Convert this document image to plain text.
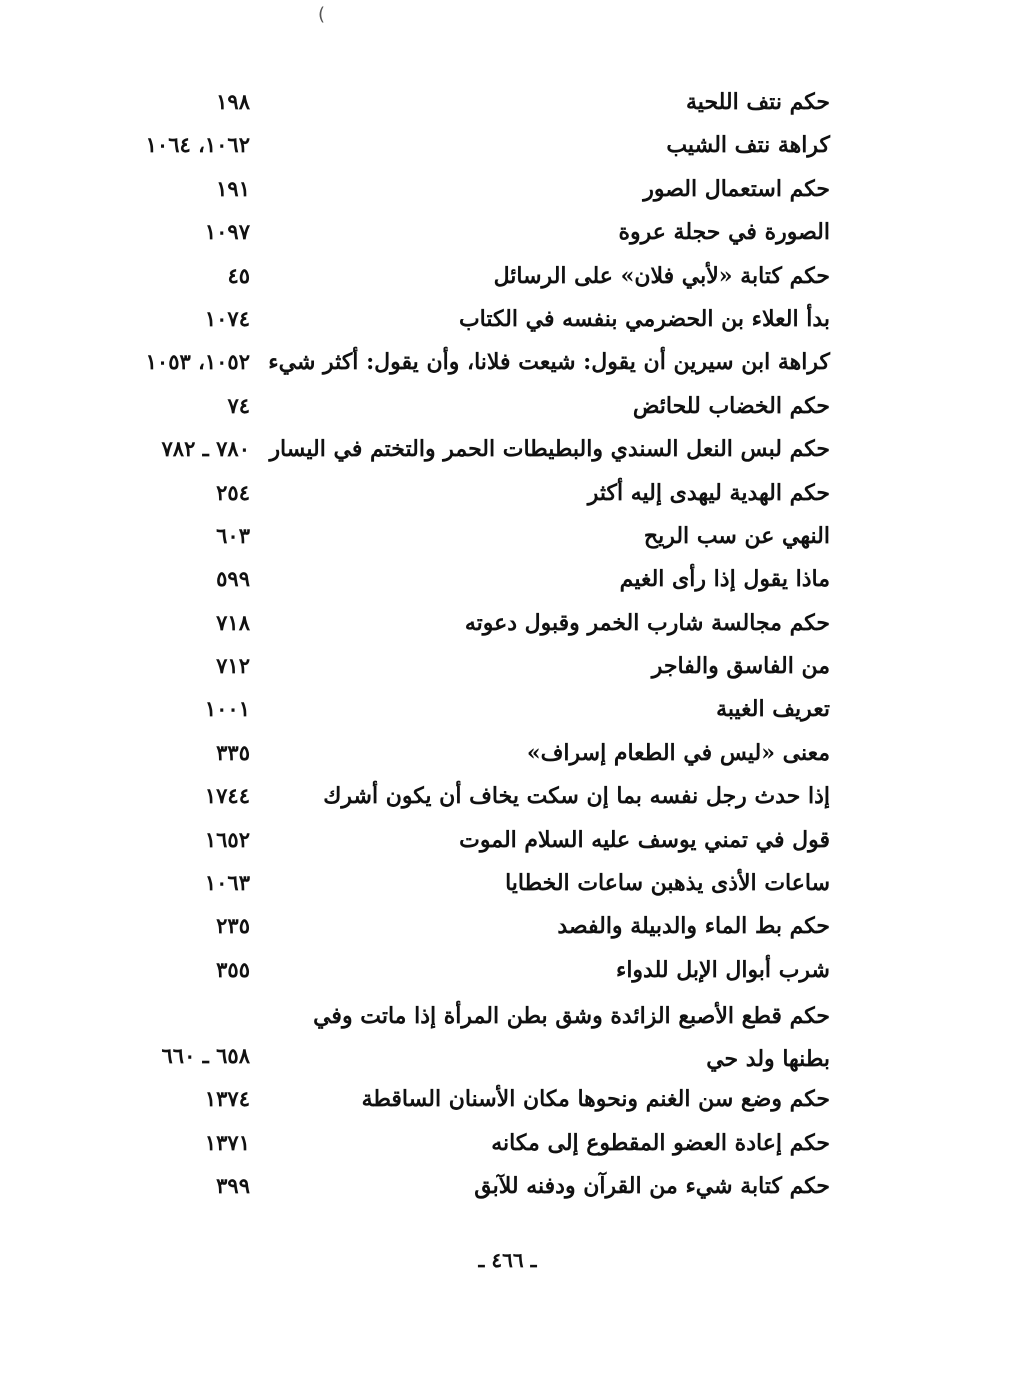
(
حكم نتف اللحية
١٩٨
كراهة نتف الشيب
١٠٦٢، ١٠٦٤
حكم استعمال الصور
١٩١
الصورة في حجلة عروة
١٠٩٧
حكم كتابة «لأبي فلان» على الرسائل
٤٥
بدأ العلاء بن الحضرمي بنفسه في الكتاب
١٠٧٤
كراهة ابن سيرين أن يقول: شيعت فلانا، وأن يقول: أكثر شيء
١٠٥٢، ١٠٥٣
حكم الخضاب للحائض
٧٤
حكم لبس النعل السندي والبطيطات الحمر والتختم في اليسار
٧٨٠ ـ ٧٨٢
حكم الهدية ليهدى إليه أكثر
٢٥٤
النهي عن سب الريح
٦٠٣
ماذا يقول إذا رأى الغيم
٥٩٩
حكم مجالسة شارب الخمر وقبول دعوته
٧١٨
من الفاسق والفاجر
٧١٢
تعريف الغيبة
١٠٠١
معنى «ليس في الطعام إسراف»
٣٣٥
إذا حدث رجل نفسه بما إن سكت يخاف أن يكون أشرك
١٧٤٤
قول في تمني يوسف عليه السلام الموت
١٦٥٢
ساعات الأذى يذهبن ساعات الخطايا
١٠٦٣
حكم بط الماء والدبيلة والفصد
٢٣٥
شرب أبوال الإبل للدواء
٣٥٥
حكم قطع الأصبع الزائدة وشق بطن المرأة إذا ماتت وفي بطنها ولد حي
٦٥٨ ـ ٦٦٠
حكم وضع سن الغنم ونحوها مكان الأسنان الساقطة
١٣٧٤
حكم إعادة العضو المقطوع إلى مكانه
١٣٧١
حكم كتابة شيء من القرآن ودفنه للآبق
٣٩٩
ـ ٤٦٦ ـ
